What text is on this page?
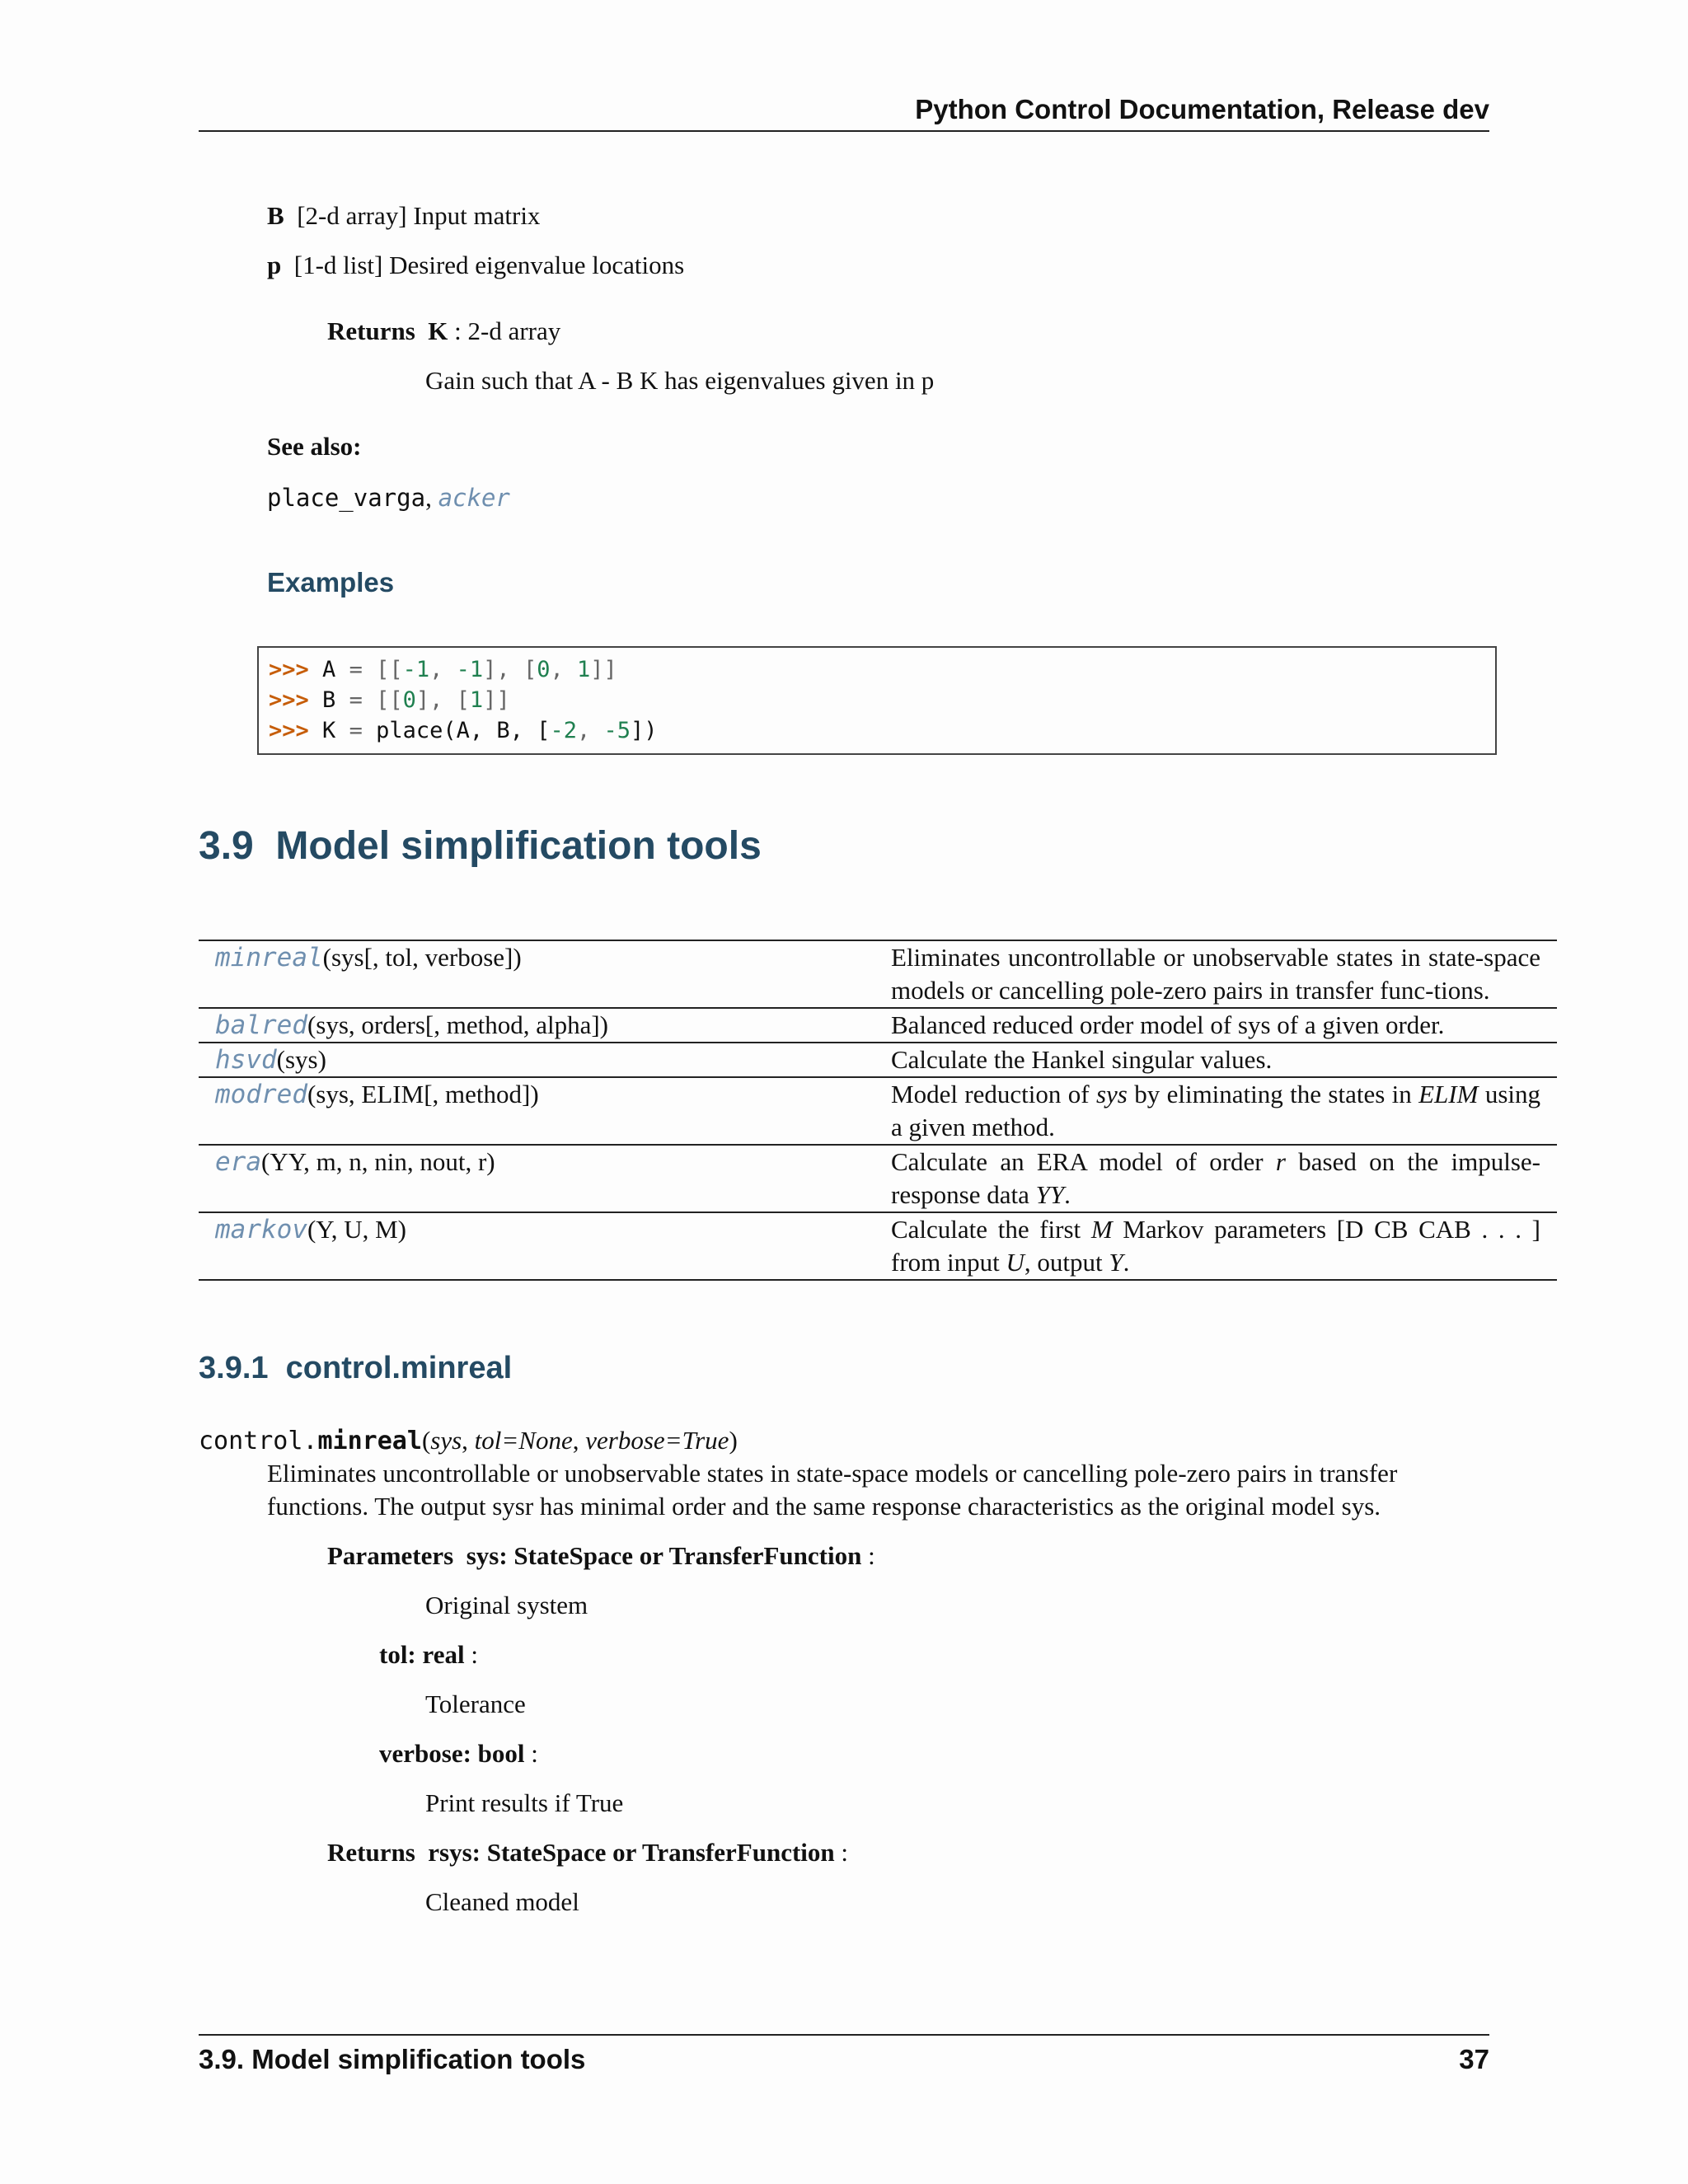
Python Control Documentation, Release dev
B [2-d array] Input matrix
p [1-d list] Desired eigenvalue locations
Returns K : 2-d array
Gain such that A - B K has eigenvalues given in p
See also:
place_varga, acker
Examples
>>> A = [[-1, -1], [0, 1]]
>>> B = [[0], [1]]
>>> K = place(A, B, [-2, -5])
3.9 Model simplification tools
minreal(sys[, tol, verbose])	Eliminates uncontrollable or unobservable states in state-space models or cancelling pole-zero pairs in transfer func-tions.
balred(sys, orders[, method, alpha])	Balanced reduced order model of sys of a given order.
hsvd(sys)	Calculate the Hankel singular values.
modred(sys, ELIM[, method])	Model reduction of sys by eliminating the states in ELIM using a given method.
era(YY, m, n, nin, nout, r)	Calculate an ERA model of order r based on the impulse-response data YY.
markov(Y, U, M)	Calculate the first M Markov parameters [D CB CAB . . . ] from input U, output Y.
3.9.1 control.minreal
control.minreal(sys, tol=None, verbose=True)
Eliminates uncontrollable or unobservable states in state-space models or cancelling pole-zero pairs in transfer
functions. The output sysr has minimal order and the same response characteristics as the original model sys.
Parameters sys: StateSpace or TransferFunction :
Original system
tol: real :
Tolerance
verbose: bool :
Print results if True
Returns rsys: StateSpace or TransferFunction :
Cleaned model
3.9. Model simplification tools	37
